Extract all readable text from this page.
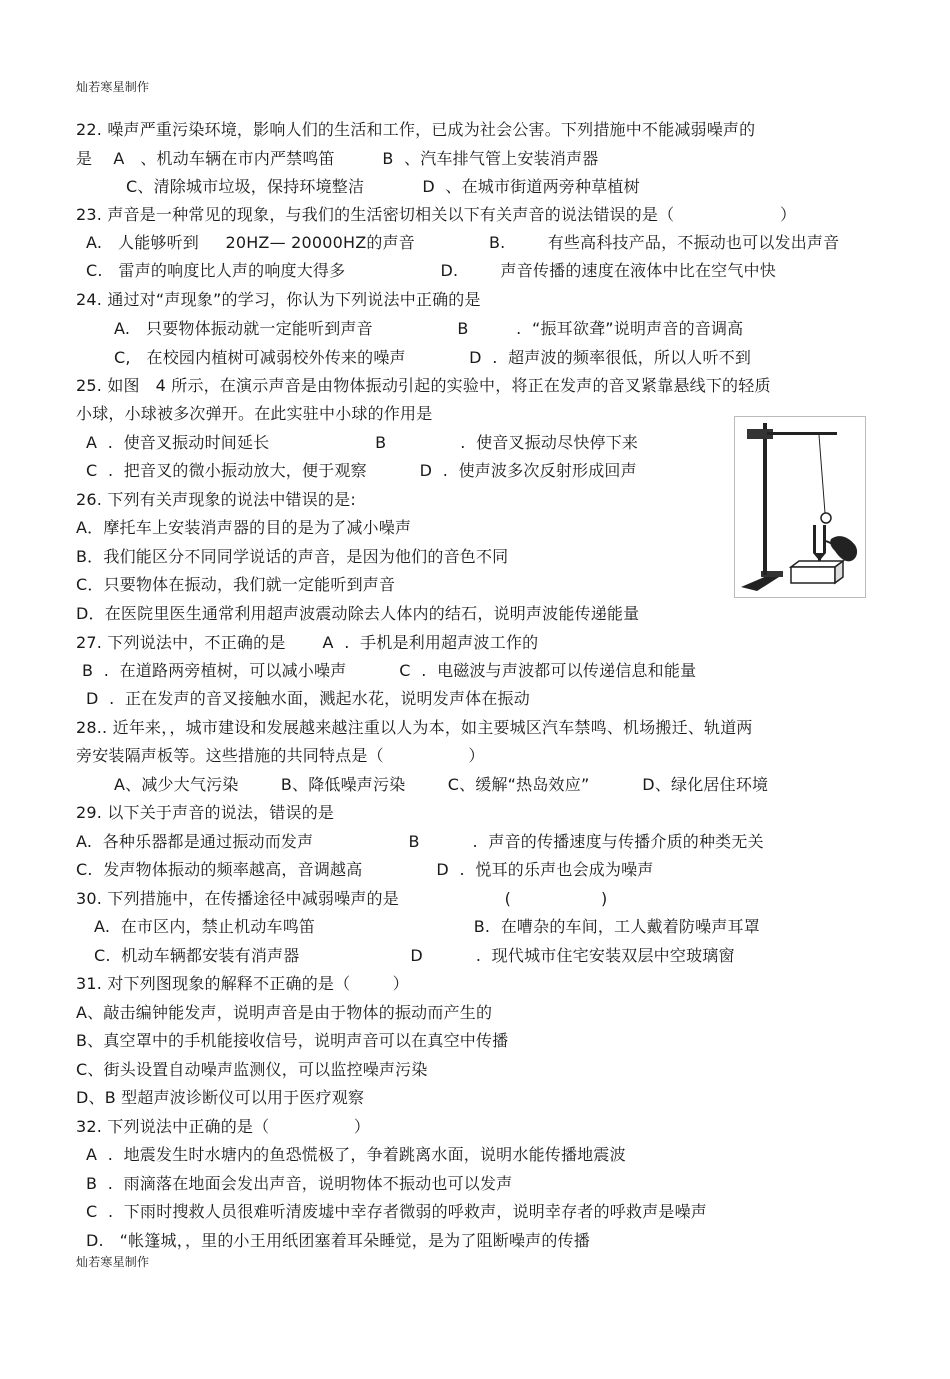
灿若寒星制作
22. 噪声严重污染环境，影响人们的生活和工作，已成为社会公害。下列措施中不能减弱噪声的
是    A   、机动车辆在市内严禁鸣笛         B  、汽车排气管上安装消声器
C、清除城市垃圾，保持环境整洁           D  、在城市街道两旁种草植树
23. 声音是一种常见的现象，与我们的生活密切相关以下有关声音的说法错误的是（                    ）
A.   人能够听到     20HZ— 20000HZ的声音              B.        有些高科技产品，不振动也可以发出声音
C.   雷声的响度比人声的响度大得多                  D.        声音传播的速度在液体中比在空气中快
24. 通过对“声现象”的学习，你认为下列说法中正确的是
A.   只要物体振动就一定能听到声音                B         .  “振耳欲聋”说明声音的音调高
C,   在校园内植树可减弱校外传来的噪声            D  .  超声波的频率很低，所以人听不到
25. 如图   4 所示，在演示声音是由物体振动引起的实验中，将正在发声的音叉紧靠悬线下的轻质
小球，小球被多次弹开。在此实驻中小球的作用是
A  .  使音叉振动时间延长                    B              .  使音叉振动尽快停下来
C  .  把音叉的微小振动放大，便于观察          D  .  使声波多次反射形成回声
26. 下列有关声现象的说法中错误的是:
A．摩托车上安装消声器的目的是为了减小噪声
B．我们能区分不同同学说话的声音，是因为他们的音色不同
C．只要物体在振动，我们就一定能听到声音
D．在医院里医生通常利用超声波震动除去人体内的结石，说明声波能传递能量
27. 下列说法中，不正确的是       A  .  手机是利用超声波工作的
B  .  在道路两旁植树，可以减小噪声          C  .  电磁波与声波都可以传递信息和能量
D  .  正在发声的音叉接触水面，溅起水花，说明发声体在振动
28.. 近年来，，城市建设和发展越来越注重以人为本，如主要城区汽车禁鸣、机场搬迁、轨道两
旁安装隔声板等。这些措施的共同特点是（                ）
A、减少大气污染        B、降低噪声污染        C、缓解“热岛效应”          D、绿化居住环境
29. 以下关于声音的说法，错误的是
A.  各种乐器都是通过振动而发声                  B          .  声音的传播速度与传播介质的种类无关
C.  发声物体振动的频率越高，音调越高              D  .  悦耳的乐声也会成为噪声
30. 下列措施中，在传播途径中减弱噪声的是                    (                 )
A.  在市区内，禁止机动车鸣笛                              B.  在嘈杂的车间，工人戴着防噪声耳罩
C.  机动车辆都安装有消声器                     D          .  现代城市住宅安装双层中空玻璃窗
31. 对下列图现象的解释不正确的是（        ）
A、敲击编钟能发声，说明声音是由于物体的振动而产生的
B、真空罩中的手机能接收信号，说明声音可以在真空中传播
C、街头设置自动噪声监测仪，可以监控噪声污染
D、B 型超声波诊断仪可以用于医疗观察
32. 下列说法中正确的是（                ）
A  .  地震发生时水塘内的鱼恐慌极了，争着跳离水面，说明水能传播地震波
B  .  雨滴落在地面会发出声音，说明物体不振动也可以发声
C  .  下雨时搜救人员很难听清废墟中幸存者微弱的呼救声，说明幸存者的呼救声是噪声
D.   “帐篷城，，里的小王用纸团塞着耳朵睡觉，是为了阻断噪声的传播
灿若寒星制作
